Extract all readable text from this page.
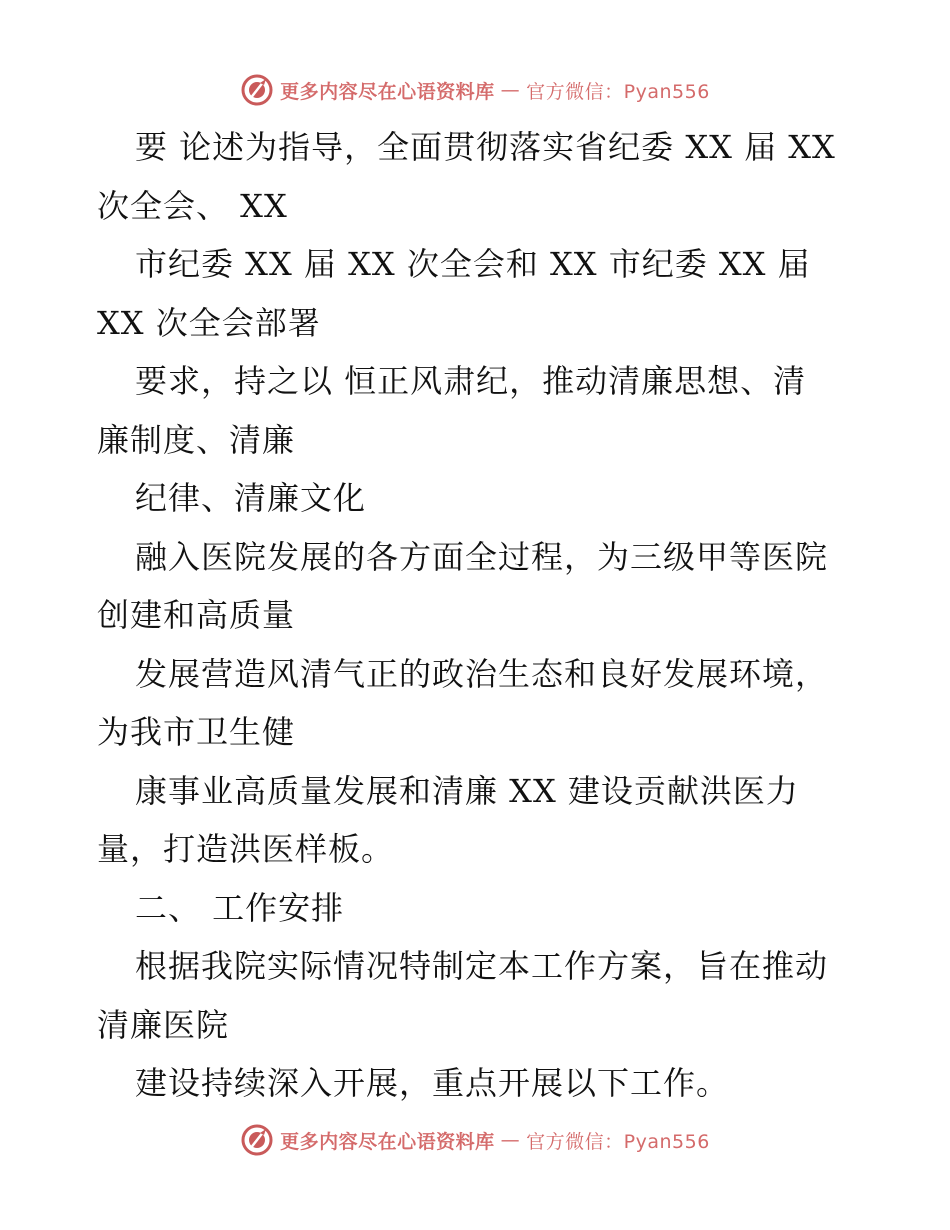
更多内容尽在心语资料库 — 官方微信：Pyan556
要 论述为指导，全面贯彻落实省纪委 XX 届 XX
次全会、 XX
市纪委 XX 届 XX 次全会和 XX 市纪委 XX 届
XX 次全会部署
要求，持之以 恒正风肃纪，推动清廉思想、清
廉制度、清廉
纪律、清廉文化
融入医院发展的各方面全过程，为三级甲等医院
创建和高质量
发展营造风清气正的政治生态和良好发展环境，
为我市卫生健
康事业高质量发展和清廉 XX 建设贡献洪医力
量，打造洪医样板。
二、 工作安排
根据我院实际情况特制定本工作方案，旨在推动
清廉医院
建设持续深入开展，重点开展以下工作。
更多内容尽在心语资料库 — 官方微信：Pyan556
